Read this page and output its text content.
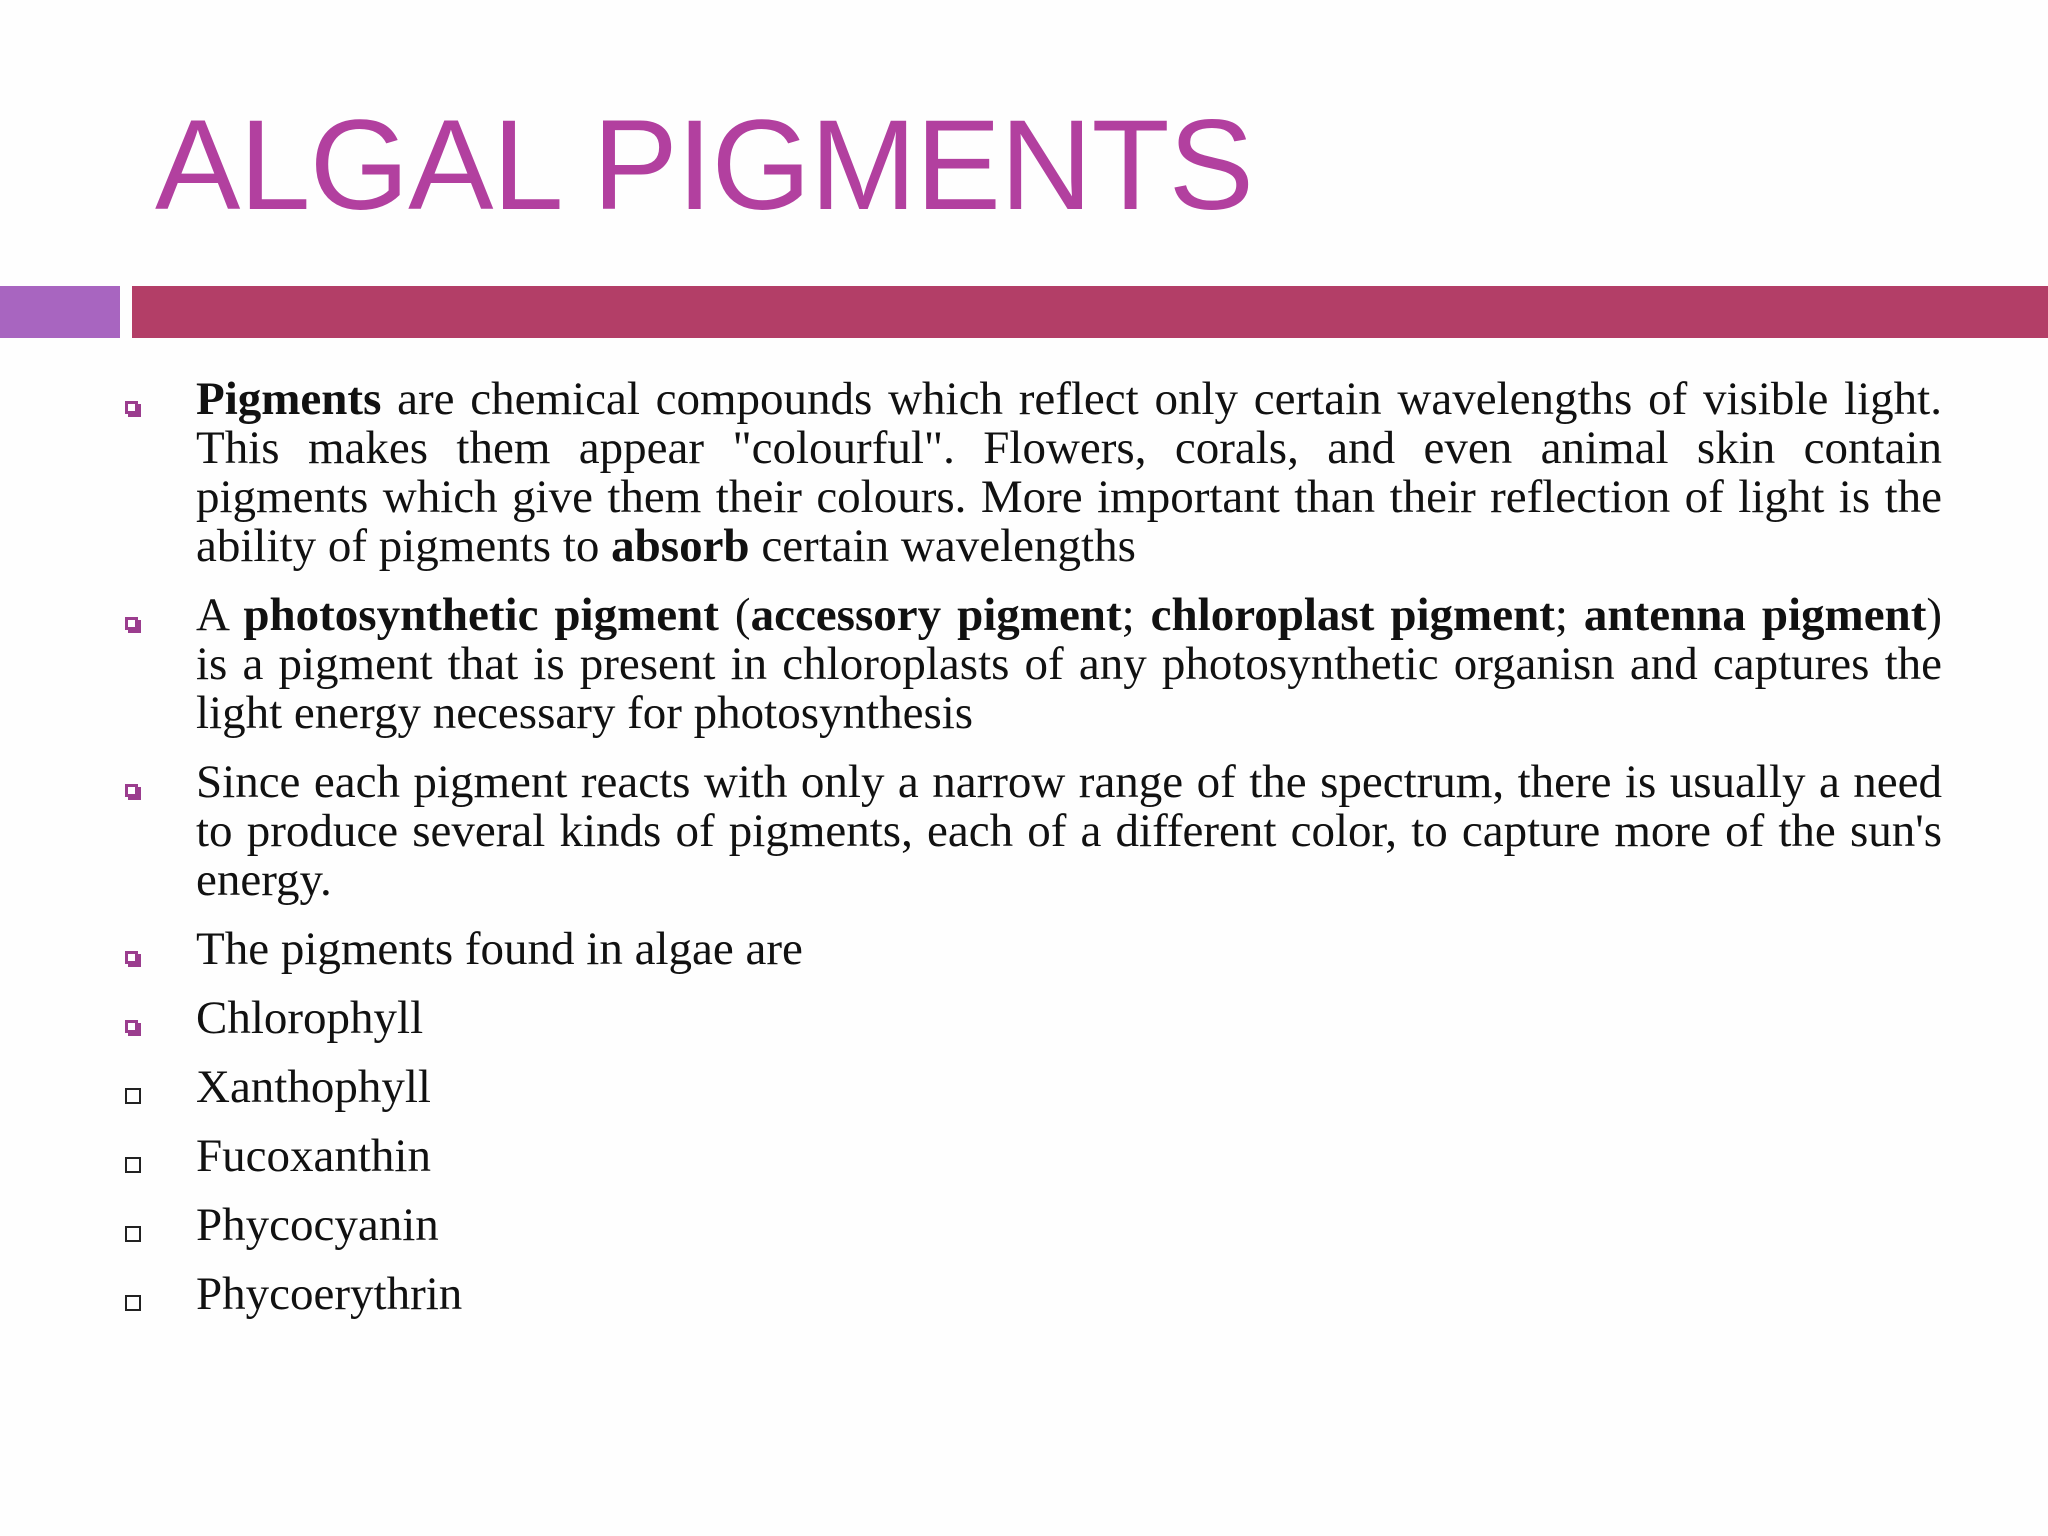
ALGAL PIGMENTS
Pigments are chemical compounds which reflect only certain wavelengths of visible light. This makes them appear "colourful". Flowers, corals, and even animal skin contain pigments which give them their colours. More important than their reflection of light is the ability of pigments to absorb certain wavelengths
A photosynthetic pigment (accessory pigment; chloroplast pigment; antenna pigment) is a pigment that is present in chloroplasts of any photosynthetic organisn and captures the light energy necessary for photosynthesis
Since each pigment reacts with only a narrow range of the spectrum, there is usually a need to produce several kinds of pigments, each of a different color, to capture more of the sun's energy.
The pigments found in algae are
Chlorophyll
Xanthophyll
Fucoxanthin
Phycocyanin
Phycoerythrin
